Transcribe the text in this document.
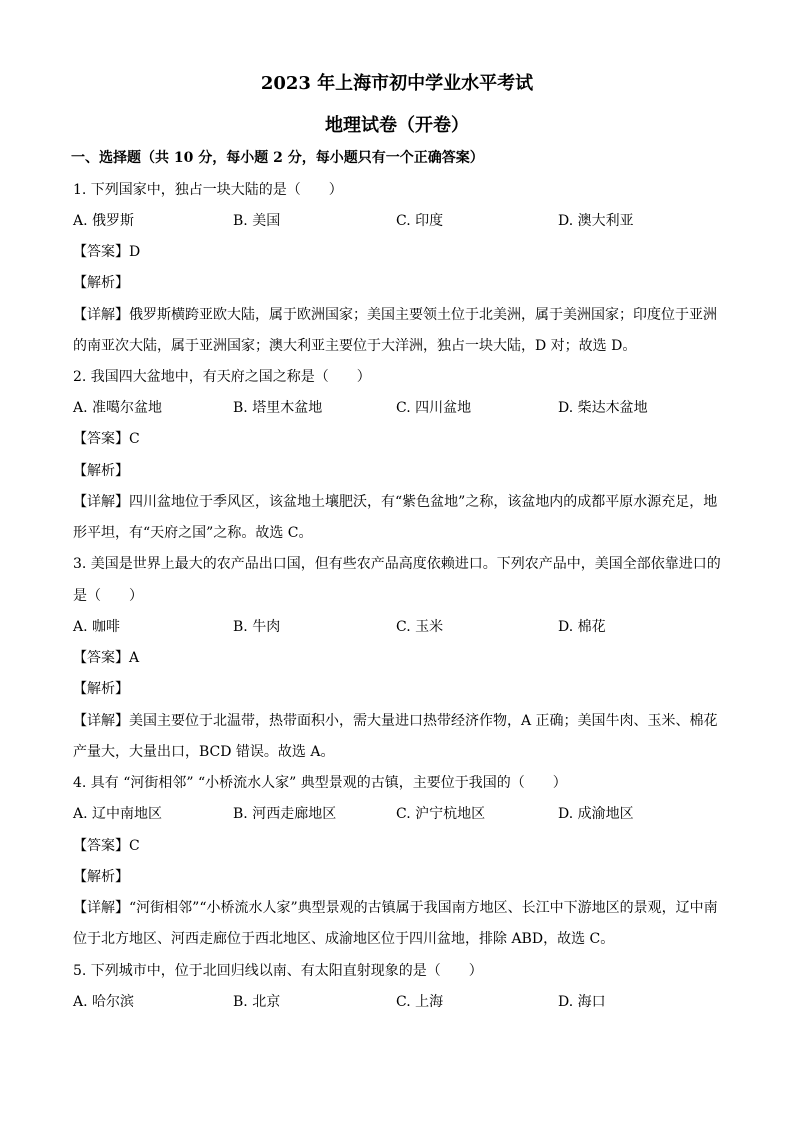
2023 年上海市初中学业水平考试
地理试卷（开卷）
一、选择题（共 10 分，每小题 2 分，每小题只有一个正确答案）
1. 下列国家中，独占一块大陆的是（　　）
A. 俄罗斯	B. 美国	C. 印度	D. 澳大利亚
【答案】D
【解析】
【详解】俄罗斯横跨亚欧大陆，属于欧洲国家；美国主要领土位于北美洲，属于美洲国家；印度位于亚洲
的南亚次大陆，属于亚洲国家；澳大利亚主要位于大洋洲，独占一块大陆，D 对；故选 D。
2. 我国四大盆地中，有天府之国之称是（　　）
A. 准噶尔盆地	B. 塔里木盆地	C. 四川盆地	D. 柴达木盆地
【答案】C
【解析】
【详解】四川盆地位于季风区，该盆地土壤肥沃，有“紫色盆地”之称，该盆地内的成都平原水源充足，地
形平坦，有“天府之国”之称。故选 C。
3. 美国是世界上最大的农产品出口国，但有些农产品高度依赖进口。下列农产品中，美国全部依靠进口的
是（　　）
A. 咖啡	B. 牛肉	C. 玉米	D. 棉花
【答案】A
【解析】
【详解】美国主要位于北温带，热带面积小，需大量进口热带经济作物，A 正确；美国牛肉、玉米、棉花
产量大，大量出口，BCD 错误。故选 A。
4. 具有 “河街相邻” “小桥流水人家” 典型景观的古镇，主要位于我国的（　　）
A. 辽中南地区	B. 河西走廊地区	C. 沪宁杭地区	D. 成渝地区
【答案】C
【解析】
【详解】“河街相邻”“小桥流水人家”典型景观的古镇属于我国南方地区、长江中下游地区的景观，辽中南
位于北方地区、河西走廊位于西北地区、成渝地区位于四川盆地，排除 ABD，故选 C。
5. 下列城市中，位于北回归线以南、有太阳直射现象的是（　　）
A. 哈尔滨	B. 北京	C. 上海	D. 海口
